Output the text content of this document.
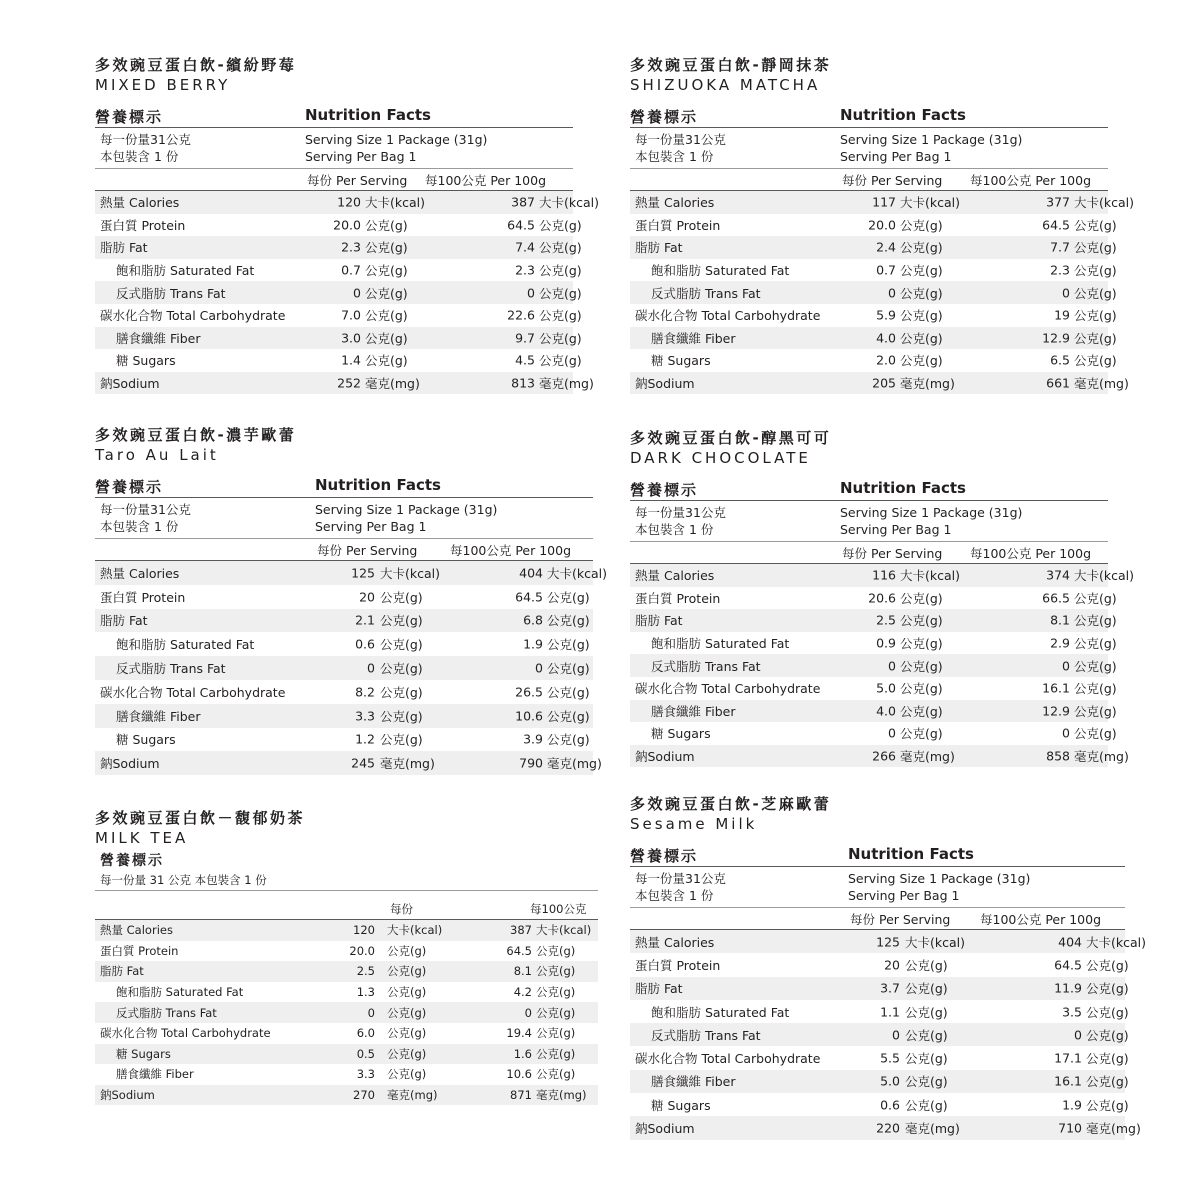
多效豌豆蛋白飲-繽紛野莓
MIXED BERRY
營養標示	Nutrition Facts
每一份量31公克
本包裝含 1 份
Serving Size 1 Package (31g)
Serving Per Bag 1
每份 Per Serving 每100公克 Per 100g
熱量 Calories	120 大卡(kcal)	387 大卡(kcal)
蛋白質 Protein	20.0 公克(g)	64.5 公克(g)
脂肪 Fat	2.3 公克(g)	7.4 公克(g)
飽和脂肪 Saturated Fat	0.7 公克(g)	2.3 公克(g)
反式脂肪 Trans Fat	0 公克(g)	0 公克(g)
碳水化合物 Total Carbohydrate	7.0 公克(g)	22.6 公克(g)
膳食纖維 Fiber	3.0 公克(g)	9.7 公克(g)
糖 Sugars	1.4 公克(g)	4.5 公克(g)
鈉Sodium	252 毫克(mg)	813 毫克(mg)
多效豌豆蛋白飲-靜岡抹茶
SHIZUOKA MATCHA
營養標示	Nutrition Facts
每一份量31公克
本包裝含 1 份
Serving Size 1 Package (31g)
Serving Per Bag 1
每份 Per Serving 每100公克 Per 100g
熱量 Calories	117 大卡(kcal)	377 大卡(kcal)
蛋白質 Protein	20.0 公克(g)	64.5 公克(g)
脂肪 Fat	2.4 公克(g)	7.7 公克(g)
飽和脂肪 Saturated Fat	0.7 公克(g)	2.3 公克(g)
反式脂肪 Trans Fat	0 公克(g)	0 公克(g)
碳水化合物 Total Carbohydrate	5.9 公克(g)	19 公克(g)
膳食纖維 Fiber	4.0 公克(g)	12.9 公克(g)
糖 Sugars	2.0 公克(g)	6.5 公克(g)
鈉Sodium	205 毫克(mg)	661 毫克(mg)
多效豌豆蛋白飲-濃芋歐蕾
Taro Au Lait
營養標示	Nutrition Facts
每一份量31公克
本包裝含 1 份
Serving Size 1 Package (31g)
Serving Per Bag 1
每份 Per Serving	每100公克 Per 100g
熱量 Calories	125 大卡(kcal)	404 大卡(kcal)
蛋白質 Protein	20 公克(g)	64.5 公克(g)
脂肪 Fat	2.1 公克(g)	6.8 公克(g)
飽和脂肪 Saturated Fat	0.6 公克(g)	1.9 公克(g)
反式脂肪 Trans Fat	0 公克(g)	0 公克(g)
碳水化合物 Total Carbohydrate	8.2 公克(g)	26.5 公克(g)
膳食纖維 Fiber	3.3 公克(g)	10.6 公克(g)
糖 Sugars	1.2 公克(g)	3.9 公克(g)
鈉Sodium	245 毫克(mg)	790 毫克(mg)
多效豌豆蛋白飲-醇黑可可
DARK CHOCOLATE
營養標示	Nutrition Facts
每一份量31公克
本包裝含 1 份
Serving Size 1 Package (31g)
Serving Per Bag 1
每份 Per Serving 每100公克 Per 100g
熱量 Calories	116 大卡(kcal)	374 大卡(kcal)
蛋白質 Protein	20.6 公克(g)	66.5 公克(g)
脂肪 Fat	2.5 公克(g)	8.1 公克(g)
飽和脂肪 Saturated Fat	0.9 公克(g)	2.9 公克(g)
反式脂肪 Trans Fat	0 公克(g)	0 公克(g)
碳水化合物 Total Carbohydrate	5.0 公克(g)	16.1 公克(g)
膳食纖維 Fiber	4.0 公克(g)	12.9 公克(g)
糖 Sugars	0 公克(g)	0 公克(g)
鈉Sodium	266 毫克(mg)	858 毫克(mg)
多效豌豆蛋白飲-芝麻歐蕾
Sesame Milk
營養標示	Nutrition Facts
每一份量31公克
本包裝含 1 份
Serving Size 1 Package (31g)
Serving Per Bag 1
每份 Per Serving 每100公克 Per 100g
熱量 Calories	125 大卡(kcal)	404 大卡(kcal)
蛋白質 Protein	20 公克(g)	64.5 公克(g)
脂肪 Fat	3.7 公克(g)	11.9 公克(g)
飽和脂肪 Saturated Fat	1.1 公克(g)	3.5 公克(g)
反式脂肪 Trans Fat	0 公克(g)	0 公克(g)
碳水化合物 Total Carbohydrate	5.5 公克(g)	17.1 公克(g)
膳食纖維 Fiber	5.0 公克(g)	16.1 公克(g)
糖 Sugars	0.6 公克(g)	1.9 公克(g)
鈉Sodium	220 毫克(mg)	710 毫克(mg)
多效豌豆蛋白飲－馥郁奶茶
MILK TEA
營養標示
每一份量 31 公克 本包裝含 1 份
每份	每100公克
熱量 Calories	120 大卡(kcal)	387 大卡(kcal)
蛋白質 Protein	20.0 公克(g)	64.5 公克(g)
脂肪 Fat	2.5 公克(g)	8.1 公克(g)
飽和脂肪 Saturated Fat	1.3 公克(g)	4.2 公克(g)
反式脂肪 Trans Fat	0 公克(g)	0 公克(g)
碳水化合物 Total Carbohydrate	6.0 公克(g)	19.4 公克(g)
糖 Sugars	0.5 公克(g)	1.6 公克(g)
膳食纖維 Fiber	3.3 公克(g)	10.6 公克(g)
鈉Sodium	270 毫克(mg)	871 毫克(mg)
